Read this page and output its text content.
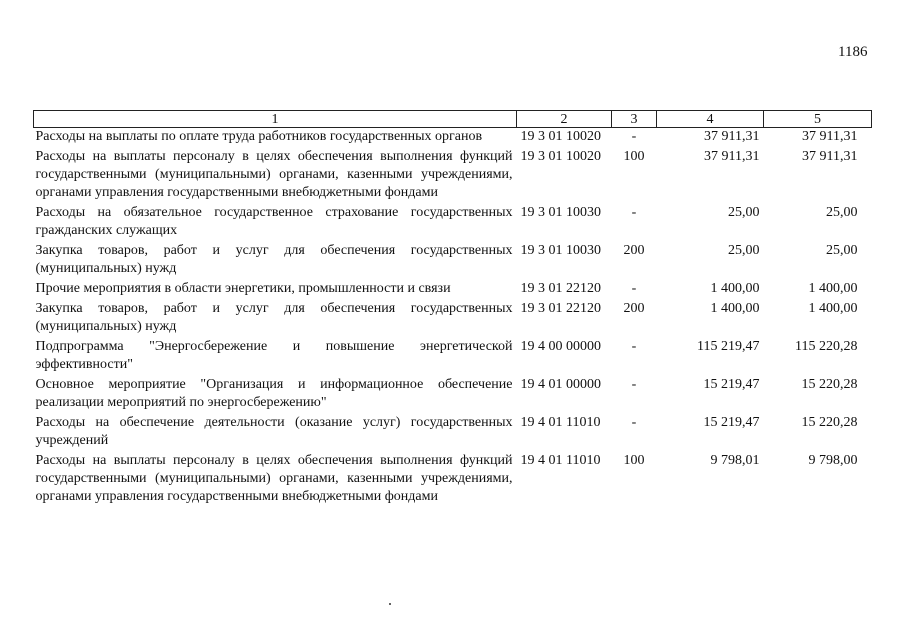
1186
1	2	3	4	5
Расходы на выплаты по оплате труда работников государственных органов	19 3 01 10020	-	37 911,31	37 911,31
Расходы на выплаты персоналу в целях обеспечения выполнения функций государственными (муниципальными) органами, казенными учреждениями, органами управления государственными внебюджетными фондами	19 3 01 10020	100	37 911,31	37 911,31
Расходы на обязательное государственное страхование государственных гражданских служащих	19 3 01 10030	-	25,00	25,00
Закупка товаров, работ и услуг для обеспечения государственных (муниципальных) нужд	19 3 01 10030	200	25,00	25,00
Прочие мероприятия в области энергетики, промышленности и связи	19 3 01 22120	-	1 400,00	1 400,00
Закупка товаров, работ и услуг для обеспечения государственных (муниципальных) нужд	19 3 01 22120	200	1 400,00	1 400,00
Подпрограмма "Энергосбережение и повышение энергетической эффективности"	19 4 00 00000	-	115 219,47	115 220,28
Основное мероприятие "Организация и информационное обеспечение реализации мероприятий по энергосбережению"	19 4 01 00000	-	15 219,47	15 220,28
Расходы на обеспечение деятельности (оказание услуг) государственных учреждений	19 4 01 11010	-	15 219,47	15 220,28
Расходы на выплаты персоналу в целях обеспечения выполнения функций государственными (муниципальными) органами, казенными учреждениями, органами управления государственными внебюджетными фондами	19 4 01 11010	100	9 798,01	9 798,00
